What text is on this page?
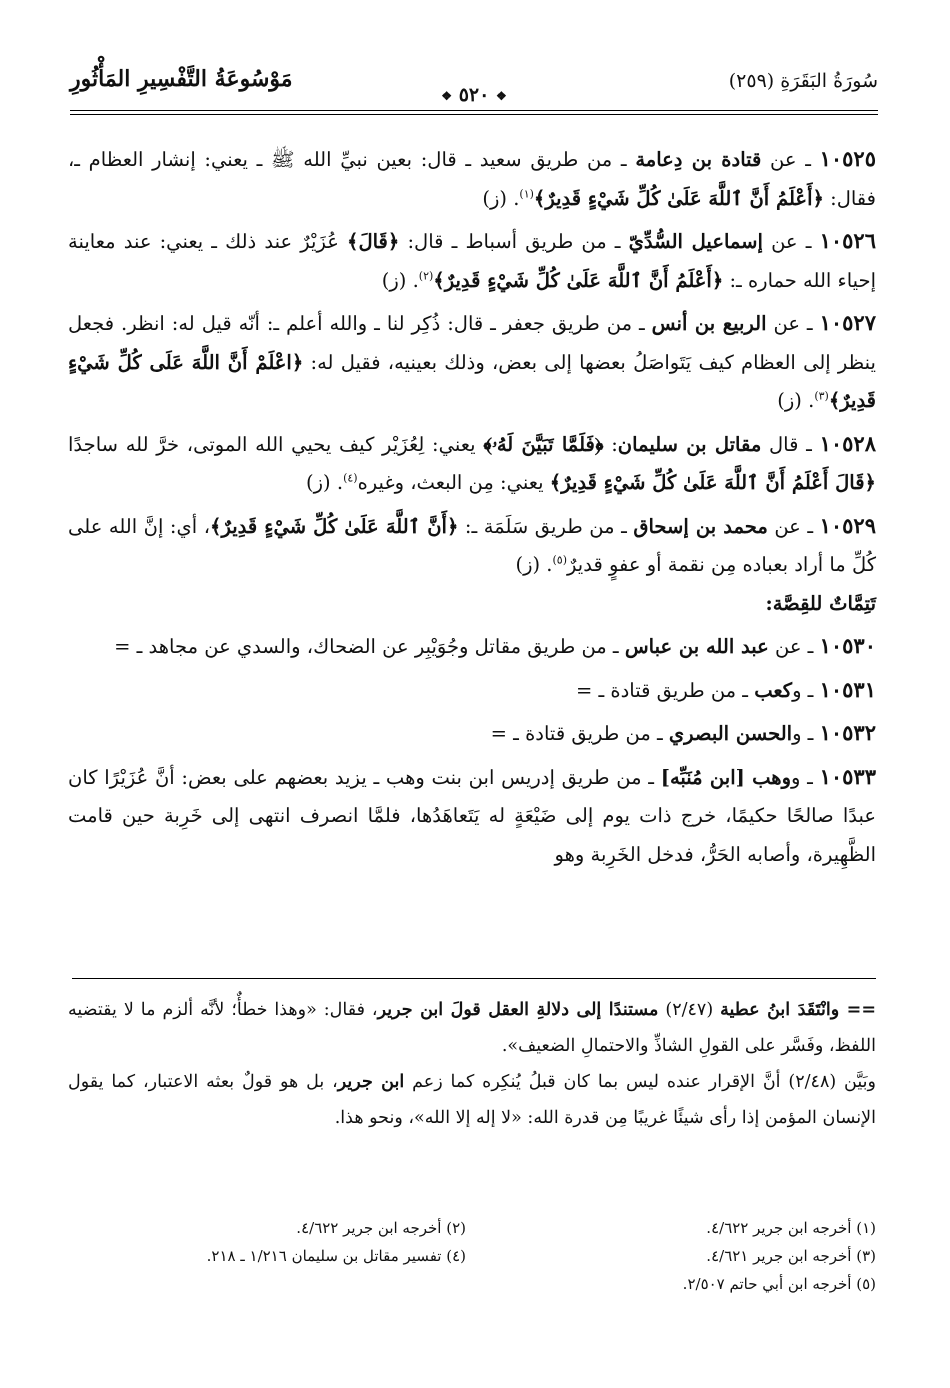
سُورَةُ البَقَرَةِ (٢٥٩)
مَوْسُوعَةُ التَّفْسِيرِ المَأْثُورِ
❖ ٥٢٠ ❖

١٠٥٢٥ ـ عن قتادة بن دِعامة ـ من طريق سعيد ـ قال: بعين نبيِّ الله ﷺ ـ يعني: إنشار العظام ـ، فقال: ﴿أَعْلَمُ أَنَّ ٱللَّهَ عَلَىٰ كُلِّ شَيْءٍ قَدِيرٌ﴾$^{(١)}$. (ز)

١٠٥٢٦ ـ عن إسماعيل السُّدِّيّ ـ من طريق أسباط ـ قال: ﴿قَالَ﴾ عُزَيْرٌ عند ذلك ـ يعني: عند معاينة إحياء الله حماره ـ: ﴿أَعْلَمُ أَنَّ ٱللَّهَ عَلَىٰ كُلِّ شَيْءٍ قَدِيرٌ﴾$^{(٢)}$. (ز)

١٠٥٢٧ ـ عن الربيع بن أنس ـ من طريق جعفر ـ قال: ذُكِر لنا ـ والله أعلم ـ: أنّه قيل له: انظر. فجعل ينظر إلى العظام كيف يَتَواصَلُ بعضها إلى بعض، وذلك بعينيه، فقيل له: ﴿اعْلَمْ أَنَّ اللَّهَ عَلَى كُلِّ شَيْءٍ قَدِيرٌ﴾$^{(٣)}$. (ز)

١٠٥٢٨ ـ قال مقاتل بن سليمان: ﴿فَلَمَّا تَبَيَّنَ لَهُۥ﴾ يعني: لِعُزَيْر كيف يحيي الله الموتى، خرَّ لله ساجدًا ﴿قَالَ أَعْلَمُ أَنَّ ٱللَّهَ عَلَىٰ كُلِّ شَيْءٍ قَدِيرٌ﴾ يعني: مِن البعث، وغيره$^{(٤)}$. (ز)

١٠٥٢٩ ـ عن محمد بن إسحاق ـ من طريق سَلَمَة ـ: ﴿أَنَّ ٱللَّهَ عَلَىٰ كُلِّ شَيْءٍ قَدِيرٌ﴾، أي: إنَّ الله على كُلِّ ما أراد بعباده مِن نقمة أو عفوٍ قديرٌ$^{(٥)}$. (ز)

تَتِمَّاتٌ للقِصَّة:

١٠٥٣٠ ـ عن عبد الله بن عباس ـ من طريق مقاتل وجُوَيْبِر عن الضحاك، والسدي عن مجاهد ـ =

١٠٥٣١ ـ وكعب ـ من طريق قتادة ـ =

١٠٥٣٢ ـ والحسن البصري ـ من طريق قتادة ـ =

١٠٥٣٣ ـ ووهب [ابن مُنَبِّه] ـ من طريق إدريس ابن بنت وهب ـ يزيد بعضهم على بعض: أنَّ عُزَيْرًا كان عبدًا صالحًا حكيمًا، خرج ذات يوم إلى ضَيْعَةٍ له يَتَعاهَدُها، فلمَّا انصرف انتهى إلى خَرِبة حين قامت الظَّهِيرة، وأصابه الحَرُّ، فدخل الخَرِبة وهو

== وانْتَقَدَ ابنُ عطية (٢/٤٧) مستندًا إلى دلالةِ العقل قولَ ابن جرير، فقال: «وهذا خطأٌ؛ لأنَّه ألزم ما لا يقتضيه اللفظ، وفَسَّر على القولِ الشاذِّ والاحتمالِ الضعيف».

وبَيَّن (٢/٤٨) أنَّ الإقرار عنده ليس بما كان قبلُ يُنكِره كما زعم ابن جرير، بل هو قولٌ بعثه الاعتبار، كما يقول الإنسان المؤمن إذا رأى شيئًا غريبًا مِن قدرة الله: «لا إله إلا الله»، ونحو هذا.

(١) أخرجه ابن جرير ٤/٦٢٢.
(٢) أخرجه ابن جرير ٤/٦٢٢.
(٣) أخرجه ابن جرير ٤/٦٢١.
(٤) تفسير مقاتل بن سليمان ١/٢١٦ ـ ٢١٨.
(٥) أخرجه ابن أبي حاتم ٢/٥٠٧.
